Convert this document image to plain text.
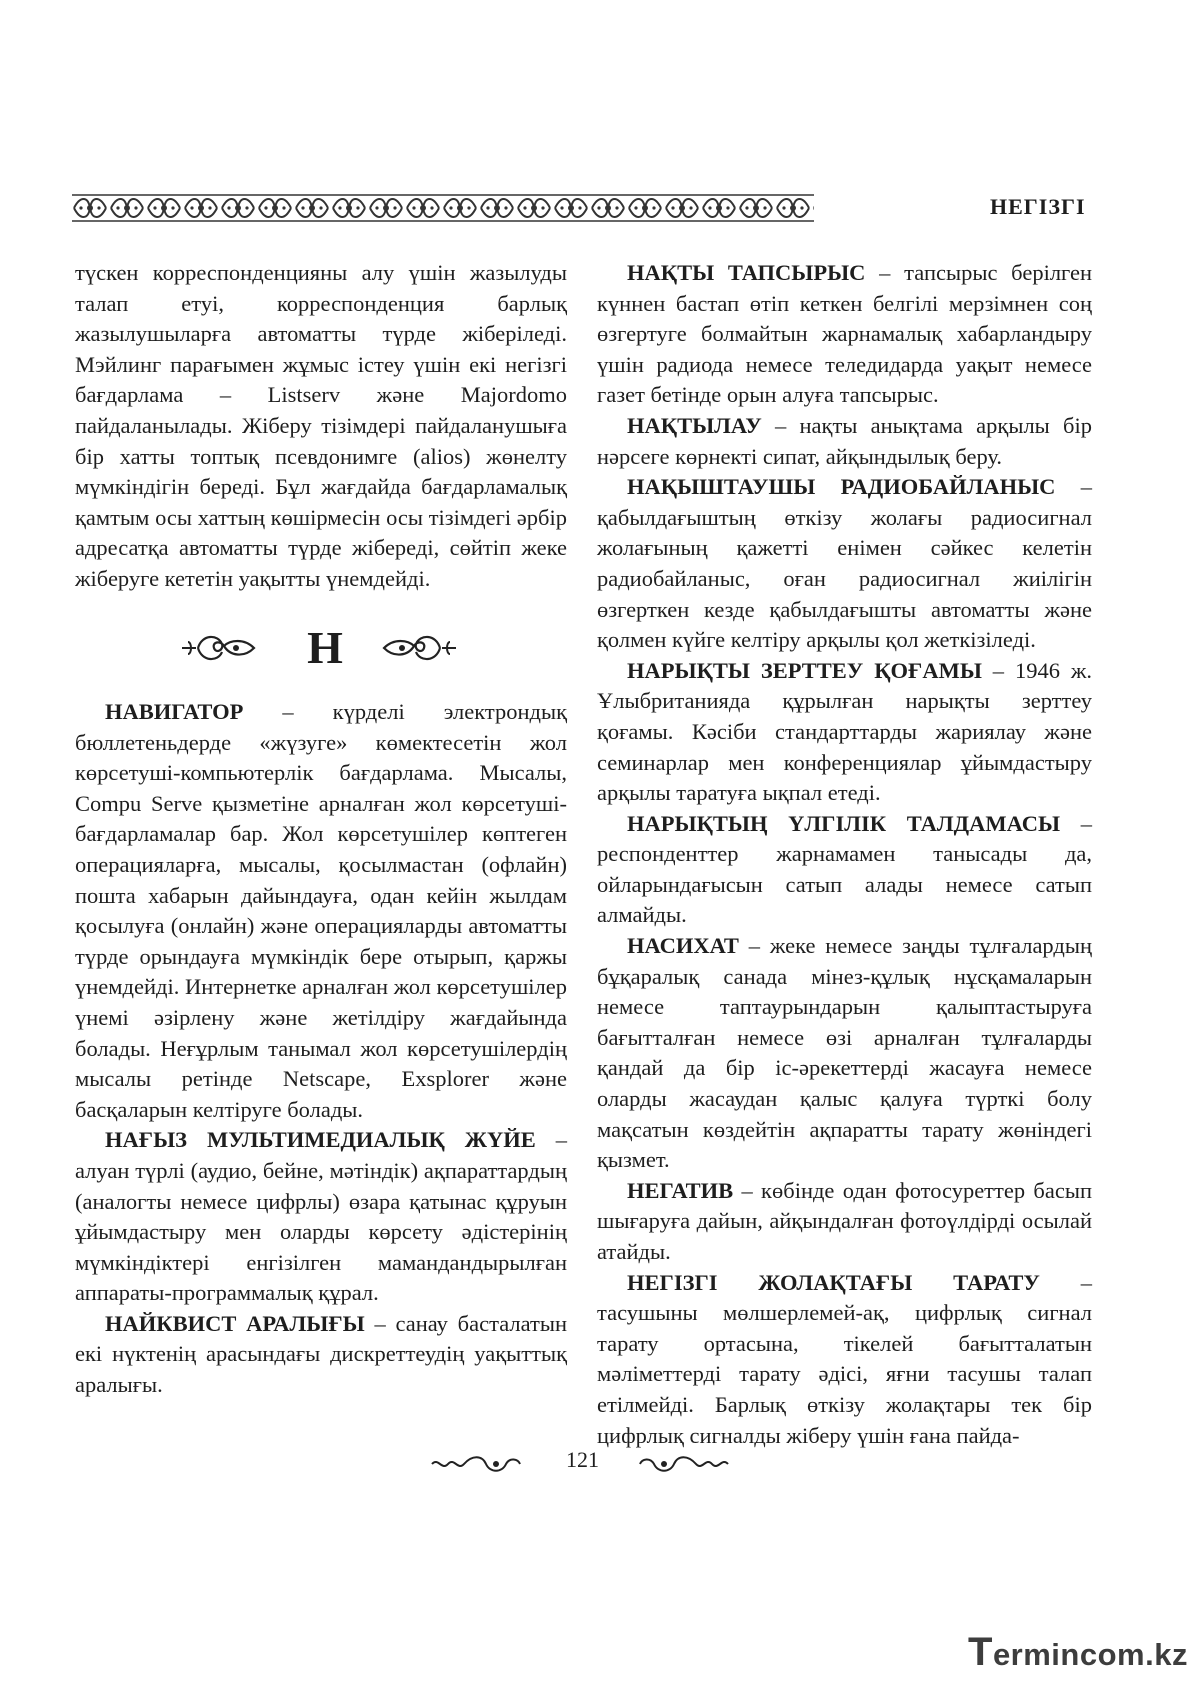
НЕГІЗГІ

түскен корреспонденцияны алу үшін жазылуды талап етуі, корреспонденция барлық жазылушыларға автоматты түрде жіберіледі. Мэйлинг парағымен жұмыс істеу үшін екі негізгі бағдарлама – Listserv және Majordomo пайдаланылады. Жіберу тізімдері пайдаланушыға бір хатты топтық псевдонимге (alios) жөнелту мүмкіндігін береді. Бұл жағдайда бағдарламалық қамтым осы хаттың көшірмесін осы тізімдегі әрбір адресатқа автоматты түрде жібереді, сөйтіп жеке жіберуге кететін уақытты үнемдейді.

Н

НАВИГАТОР – күрделі электрондық бюллетеньдерде «жүзуге» көмектесетін жол көрсетуші-компьютерлік бағдарлама. Мысалы, Compu Serve қызметіне арналған жол көрсетуші-бағдарламалар бар. Жол көрсетушілер көптеген операцияларға, мысалы, қосылмастан (офлайн) пошта хабарын дайындауға, одан кейін жылдам қосылуға (онлайн) және операцияларды автоматты түрде орындауға мүмкіндік бере отырып, қаржы үнемдейді. Интернетке арналған жол көрсетушілер үнемі әзірлену және жетілдіру жағдайында болады. Неғұрлым танымал жол көрсетушілердің мысалы ретінде Netscape, Exsplorer және басқаларын келтіруге болады.

НАҒЫЗ МУЛЬТИМЕДИАЛЫҚ ЖҮЙЕ – алуан түрлі (аудио, бейне, мәтіндік) ақпараттардың (аналогты немесе цифрлы) өзара қатынас құруын ұйымдастыру мен оларды көрсету әдістерінің мүмкіндіктері енгізілген мамандандырылған аппараты-программалық құрал.

НАЙКВИСТ АРАЛЫҒЫ – санау басталатын екі нүктенің арасындағы дискреттеудің уақыттық аралығы.

НАҚТЫ ТАПСЫРЫС – тапсырыс берілген күннен бастап өтіп кеткен белгілі мерзімнен соң өзгертуге болмайтын жарнамалық хабарландыру үшін радиода немесе теледидарда уақыт немесе газет бетінде орын алуға тапсырыс.

НАҚТЫЛАУ – нақты анықтама арқылы бір нәрсеге көрнекті сипат, айқындылық беру.

НАҚЫШТАУШЫ РАДИОБАЙЛАНЫС – қабылдағыштың өткізу жолағы радиосигнал жолағының қажетті енімен сәйкес келетін радиобайланыс, оған радиосигнал жиілігін өзгерткен кезде қабылдағышты автоматты және қолмен күйге келтіру арқылы қол жеткізіледі.

НАРЫҚТЫ ЗЕРТТЕУ ҚОҒАМЫ – 1946 ж. Ұлыбританияда құрылған нарықты зерттеу қоғамы. Кәсіби стандарттарды жариялау және семинарлар мен конференциялар ұйымдастыру арқылы таратуға ықпал етеді.

НАРЫҚТЫҢ ҮЛГІЛІК ТАЛДАМАСЫ – респонденттер жарнамамен танысады да, ойларындағысын сатып алады немесе сатып алмайды.

НАСИХАТ – жеке немесе заңды тұлғалардың бұқаралық санада мінез-құлық нұсқамаларын немесе таптаурындарын қалыптастыруға бағытталған немесе өзі арналған тұлғаларды қандай да бір іс-әрекеттерді жасауға немесе оларды жасаудан қалыс қалуға түрткі болу мақсатын көздейтін ақпаратты тарату жөніндегі қызмет.

НЕГАТИВ – көбінде одан фотосуреттер басып шығаруға дайын, айқындалған фотоүлдірді осылай атайды.

НЕГІЗГІ ЖОЛАҚТАҒЫ ТАРАТУ – тасушыны мөлшерлемей-ақ, цифрлық сигнал тарату ортасына, тікелей бағытталатын мәліметтерді тарату әдісі, яғни тасушы талап етілмейді. Барлық өткізу жолақтары тек бір цифрлық сигналды жіберу үшін ғана пайда-

121
Termincom.kz
